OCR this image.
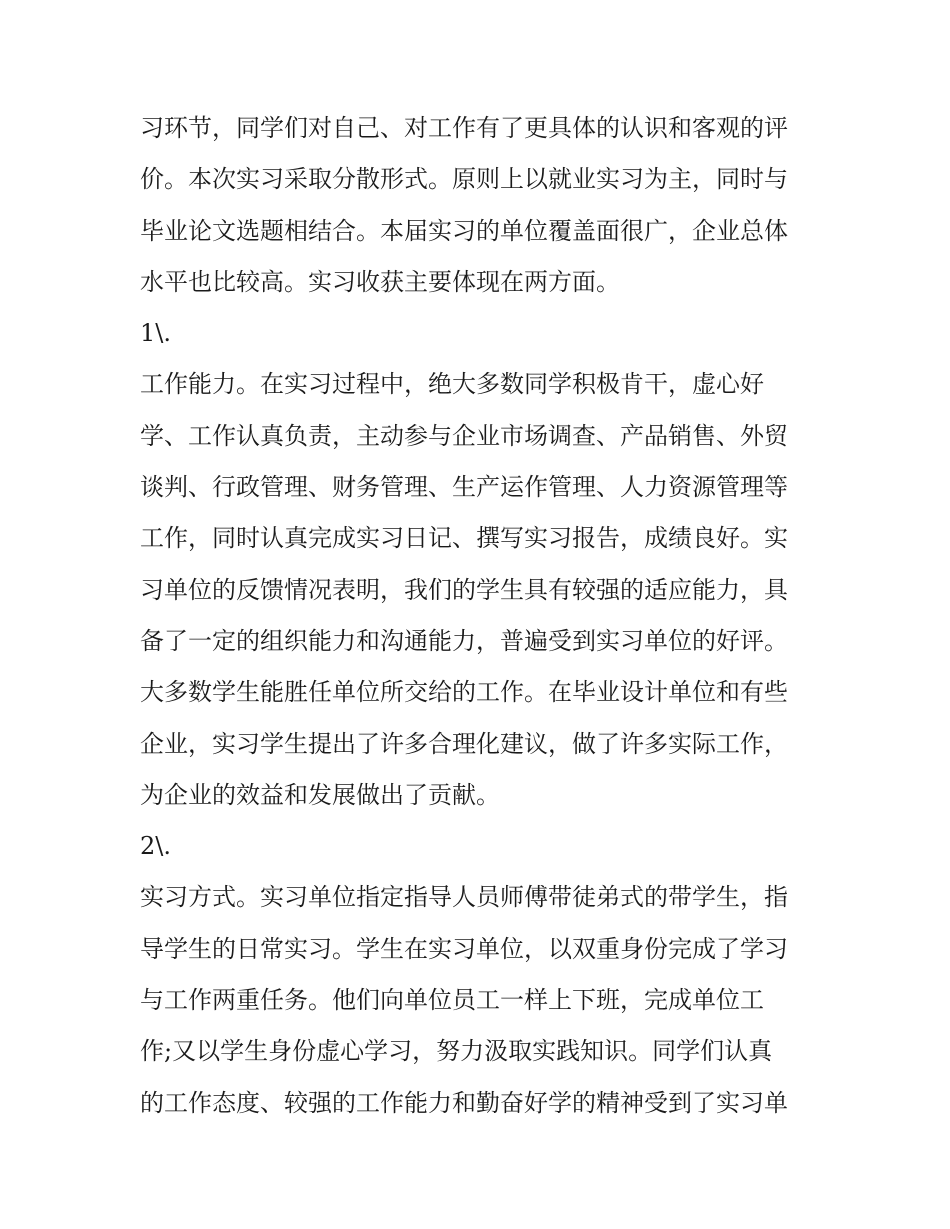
习环节，同学们对自己、对工作有了更具体的认识和客观的评
价。本次实习采取分散形式。原则上以就业实习为主，同时与
毕业论文选题相结合。本届实习的单位覆盖面很广，企业总体
水平也比较高。实习收获主要体现在两方面。
1\.
工作能力。在实习过程中，绝大多数同学积极肯干，虚心好
学、工作认真负责，主动参与企业市场调查、产品销售、外贸
谈判、行政管理、财务管理、生产运作管理、人力资源管理等
工作，同时认真完成实习日记、撰写实习报告，成绩良好。实
习单位的反馈情况表明，我们的学生具有较强的适应能力，具
备了一定的组织能力和沟通能力，普遍受到实习单位的好评。
大多数学生能胜任单位所交给的工作。在毕业设计单位和有些
企业，实习学生提出了许多合理化建议，做了许多实际工作，
为企业的效益和发展做出了贡献。
2\.
实习方式。实习单位指定指导人员师傅带徒弟式的带学生，指
导学生的日常实习。学生在实习单位，以双重身份完成了学习
与工作两重任务。他们向单位员工一样上下班，完成单位工
作;又以学生身份虚心学习，努力汲取实践知识。同学们认真
的工作态度、较强的工作能力和勤奋好学的精神受到了实习单
